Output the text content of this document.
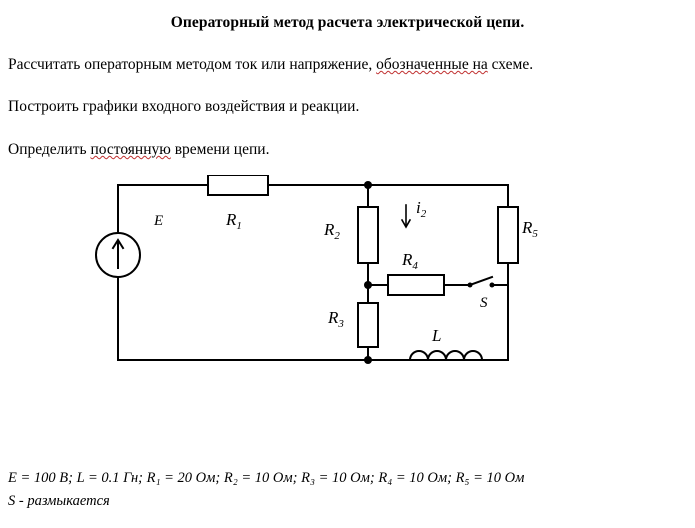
Операторный метод расчета электрической цепи.

Рассчитать операторным методом ток или напряжение, обозначенные на схеме.

Построить графики входного воздействия и реакции.

Определить постоянную времени цепи.

E	$R_1$	$R_2$
$R_3$
$R_4$
$R_5$
L
S
$i_2$
E = 100 В; L = 0.1 Гн; R₁ = 20 Ом; R₂ = 10 Ом; R₃ = 10 Ом; R₄ = 10 Ом; R₅ = 10 Ом
S - размыкается
